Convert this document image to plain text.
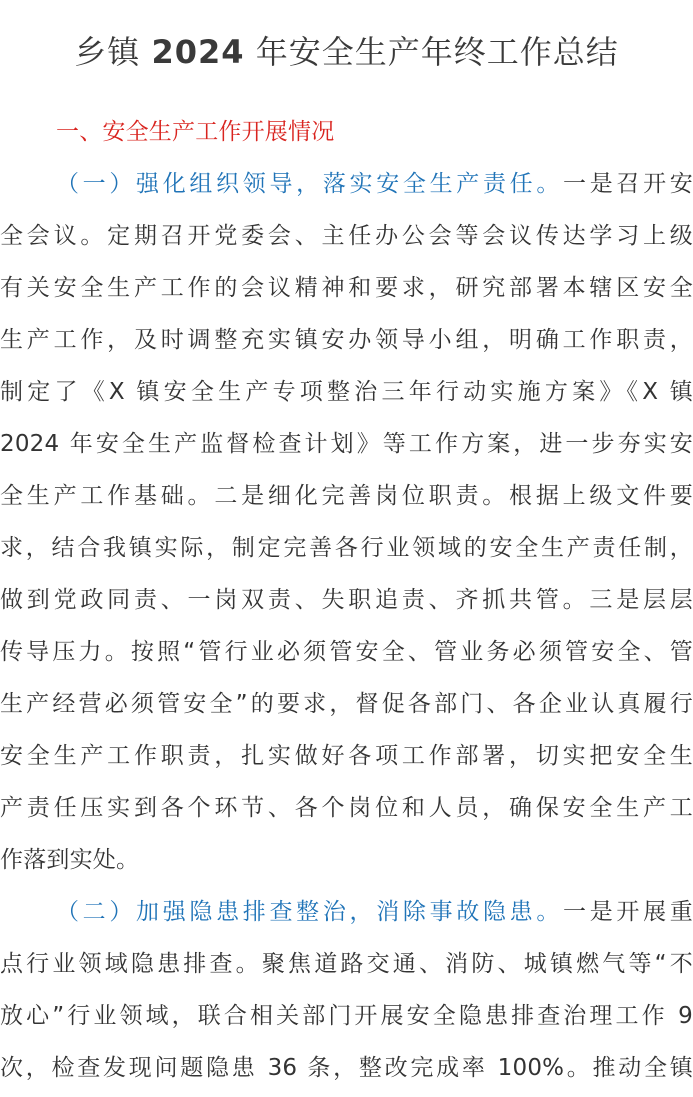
乡镇 2024 年安全生产年终工作总结
一、安全生产工作开展情况
（一）强化组织领导，落实安全生产责任。一是召开安
全会议。定期召开党委会、主任办公会等会议传达学习上级
有关安全生产工作的会议精神和要求，研究部署本辖区安全
生产工作，及时调整充实镇安办领导小组，明确工作职责，
制定了《X 镇安全生产专项整治三年行动实施方案》《X 镇
2024 年安全生产监督检查计划》等工作方案，进一步夯实安
全生产工作基础。二是细化完善岗位职责。根据上级文件要
求，结合我镇实际，制定完善各行业领域的安全生产责任制，
做到党政同责、一岗双责、失职追责、齐抓共管。三是层层
传导压力。按照“管行业必须管安全、管业务必须管安全、管
生产经营必须管安全”的要求，督促各部门、各企业认真履行
安全生产工作职责，扎实做好各项工作部署，切实把安全生
产责任压实到各个环节、各个岗位和人员，确保安全生产工
作落到实处。
（二）加强隐患排查整治，消除事故隐患。一是开展重
点行业领域隐患排查。聚焦道路交通、消防、城镇燃气等“不
放心”行业领域，联合相关部门开展安全隐患排查治理工作 9
次，检查发现问题隐患 36 条，整改完成率 100%。推动全镇
